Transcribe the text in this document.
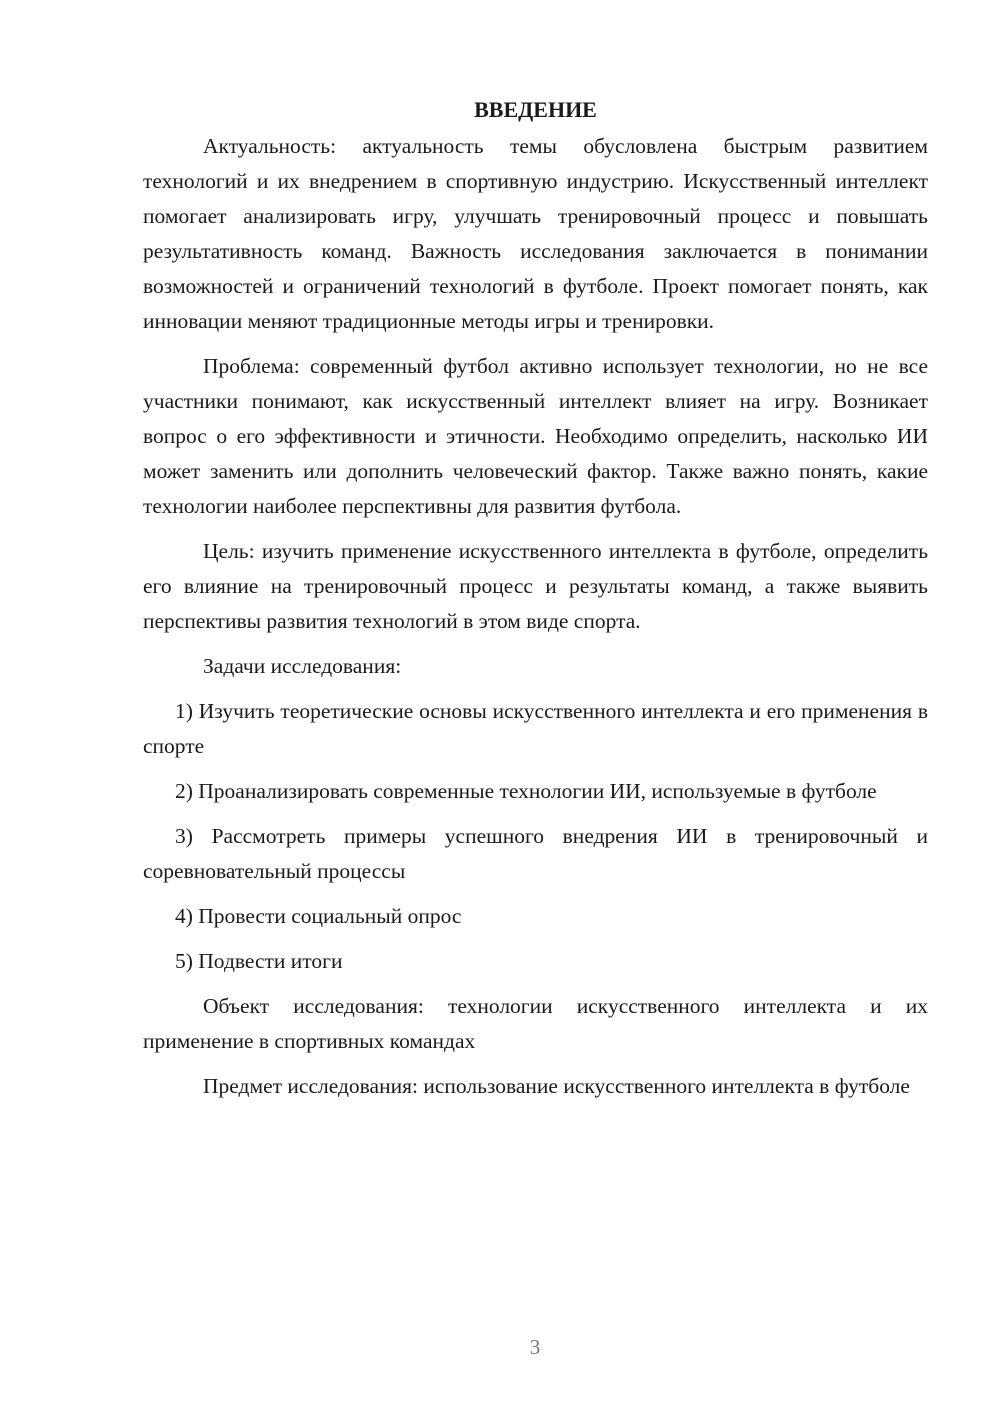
ВВЕДЕНИЕ

Актуальность: актуальность темы обусловлена быстрым развитием технологий и их внедрением в спортивную индустрию. Искусственный интеллект помогает анализировать игру, улучшать тренировочный процесс и повышать результативность команд. Важность исследования заключается в понимании возможностей и ограничений технологий в футболе. Проект помогает понять, как инновации меняют традиционные методы игры и тренировки.

Проблема: современный футбол активно использует технологии, но не все участники понимают, как искусственный интеллект влияет на игру. Возникает вопрос о его эффективности и этичности. Необходимо определить, насколько ИИ может заменить или дополнить человеческий фактор. Также важно понять, какие технологии наиболее перспективны для развития футбола.

Цель: изучить применение искусственного интеллекта в футболе, определить его влияние на тренировочный процесс и результаты команд, а также выявить перспективы развития технологий в этом виде спорта.

Задачи исследования:

1) Изучить теоретические основы искусственного интеллекта и его применения в спорте

2) Проанализировать современные технологии ИИ, используемые в футболе

3) Рассмотреть примеры успешного внедрения ИИ в тренировочный и соревновательный процессы

4) Провести социальный опрос

5) Подвести итоги

Объект исследования: технологии искусственного интеллекта и их применение в спортивных командах

Предмет исследования: использование искусственного интеллекта в футболе

3
